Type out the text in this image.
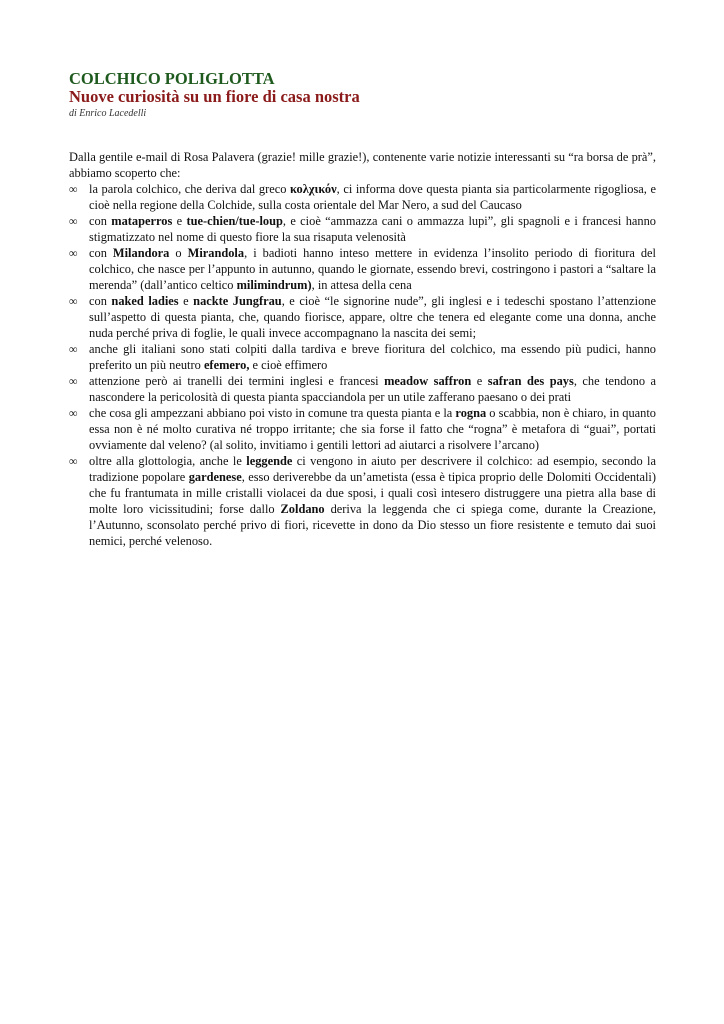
COLCHICO POLIGLOTTA
Nuove curiosità su un fiore di casa nostra

di Enrico Lacedelli

Dalla gentile e-mail di Rosa Palavera (grazie! mille grazie!), contenente varie notizie interessanti su “ra borsa de prà”, abbiamo scoperto che:

∞ la parola colchico, che deriva dal greco κολχικόν, ci informa dove questa pianta sia particolarmente rigogliosa, e cioè nella regione della Colchide, sulla costa orientale del Mar Nero, a sud del Caucaso
∞ con mataperros e tue-chien/tue-loup, e cioè “ammazza cani o ammazza lupi”, gli spagnoli e i francesi hanno stigmatizzato nel nome di questo fiore la sua risaputa velenosità
∞ con Milandora o Mirandola, i badioti hanno inteso mettere in evidenza l’insolito periodo di fioritura del colchico, che nasce per l’appunto in autunno, quando le giornate, essendo brevi, costringono i pastori a “saltare la merenda” (dall’antico celtico milimindrum), in attesa della cena
∞ con naked ladies e nackte Jungfrau, e cioè “le signorine nude”, gli inglesi e i tedeschi spostano l’attenzione sull’aspetto di questa pianta, che, quando fiorisce, appare, oltre che tenera ed elegante come una donna, anche nuda perché priva di foglie, le quali invece accompagnano la nascita dei semi;
∞ anche gli italiani sono stati colpiti dalla tardiva e breve fioritura del colchico, ma essendo più pudici, hanno preferito un più neutro efemero, e cioè effimero
∞ attenzione però ai tranelli dei termini inglesi e francesi meadow saffron e safran des pays, che tendono a nascondere la pericolosità di questa pianta spacciandola per un utile zafferano paesano o dei prati
∞ che cosa gli ampezzani abbiano poi visto in comune tra questa pianta e la rogna o scabbia, non è chiaro, in quanto essa non è né molto curativa né troppo irritante; che sia forse il fatto che “rogna” è metafora di “guai”, portati ovviamente dal veleno? (al solito, invitiamo i gentili lettori ad aiutarci a risolvere l’arcano)
∞ oltre alla glottologia, anche le leggende ci vengono in aiuto per descrivere il colchico: ad esempio, secondo la tradizione popolare gardenese, esso deriverebbe da un’ametista (essa è tipica proprio delle Dolomiti Occidentali) che fu frantumata in mille cristalli violacei da due sposi, i quali così intesero distruggere una pietra alla base di molte loro vicissitudini; forse dallo Zoldano deriva la leggenda che ci spiega come, durante la Creazione, l’Autunno, sconsolato perché privo di fiori, ricevette in dono da Dio stesso un fiore resistente e temuto dai suoi nemici, perché velenoso.
